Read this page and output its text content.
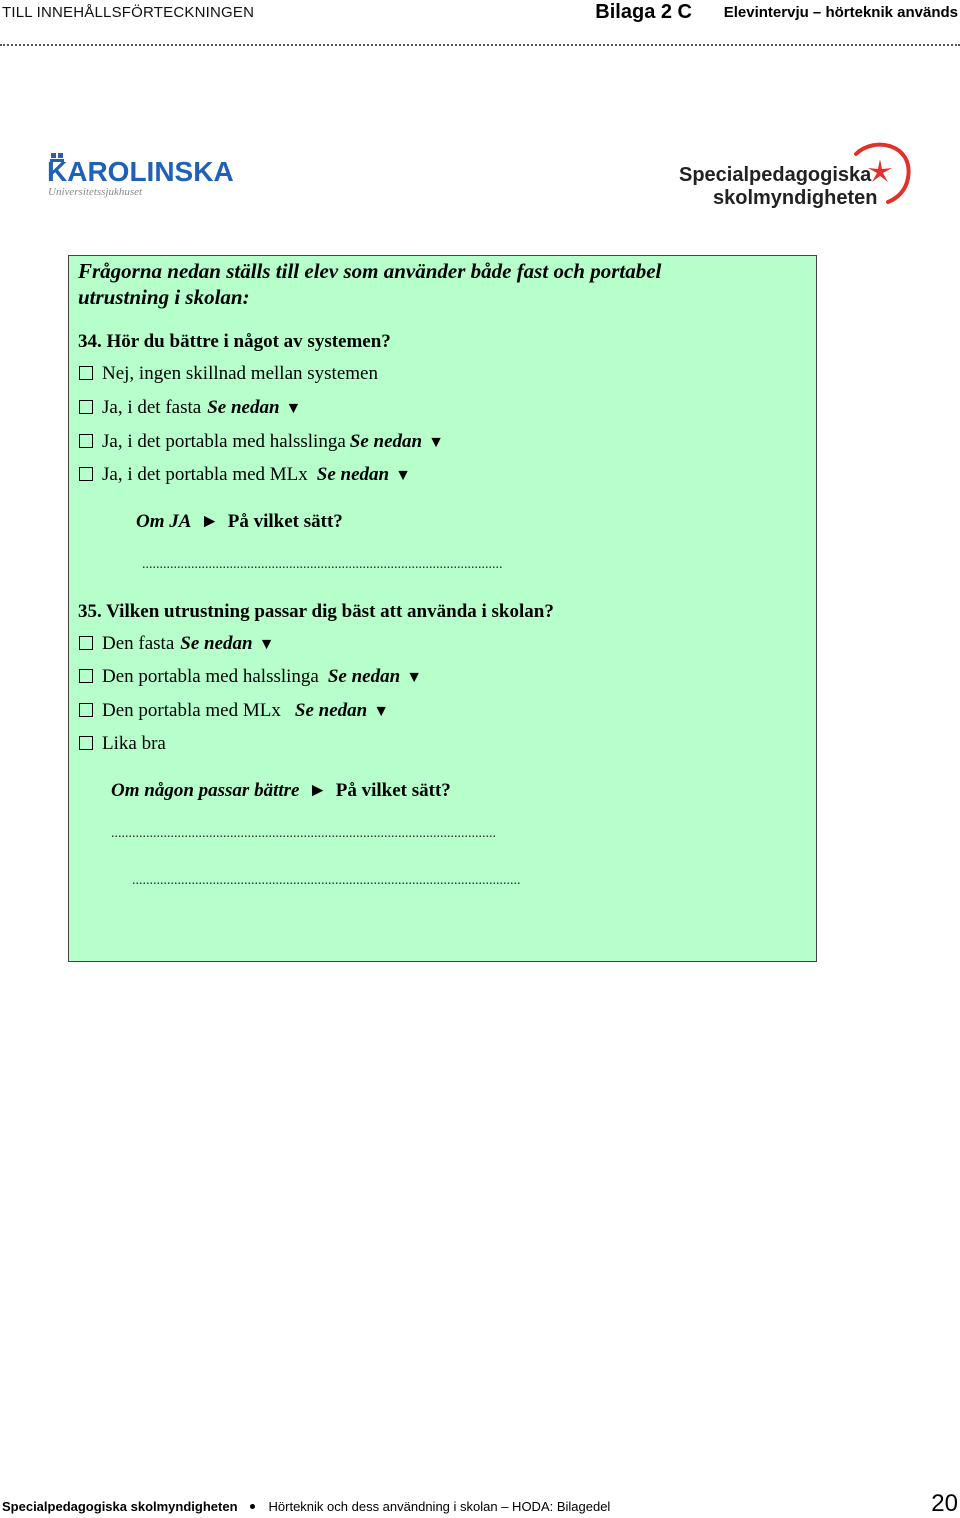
TILL INNEHÅLLSFÖRTECKNINGEN	Bilaga 2 C Elevintervju – hörteknik används
KAROLINSKA
Universitetssjukhuset
Specialpedagogiska
skolmyndigheten
Frågorna nedan ställs till elev som använder både fast och portabel
utrustning i skolan:
34. Hör du bättre i något av systemen?
Nej, ingen skillnad mellan systemen
Ja, i det fasta Se nedan ▼
Ja, i det portabla med halsslinga Se nedan ▼
Ja, i det portabla med MLx Se nedan ▼
Om JA ► På vilket sätt?
.......................................................................................................
35. Vilken utrustning passar dig bäst att använda i skolan?
Den fasta Se nedan ▼
Den portabla med halsslinga Se nedan ▼
Den portabla med MLx Se nedan ▼
Lika bra
Om någon passar bättre ► På vilket sätt?
..............................................................................................................
...............................................................................................................
Specialpedagogiska skolmyndigheten Hörteknik och dess användning i skolan – HODA: Bilagedel	20
